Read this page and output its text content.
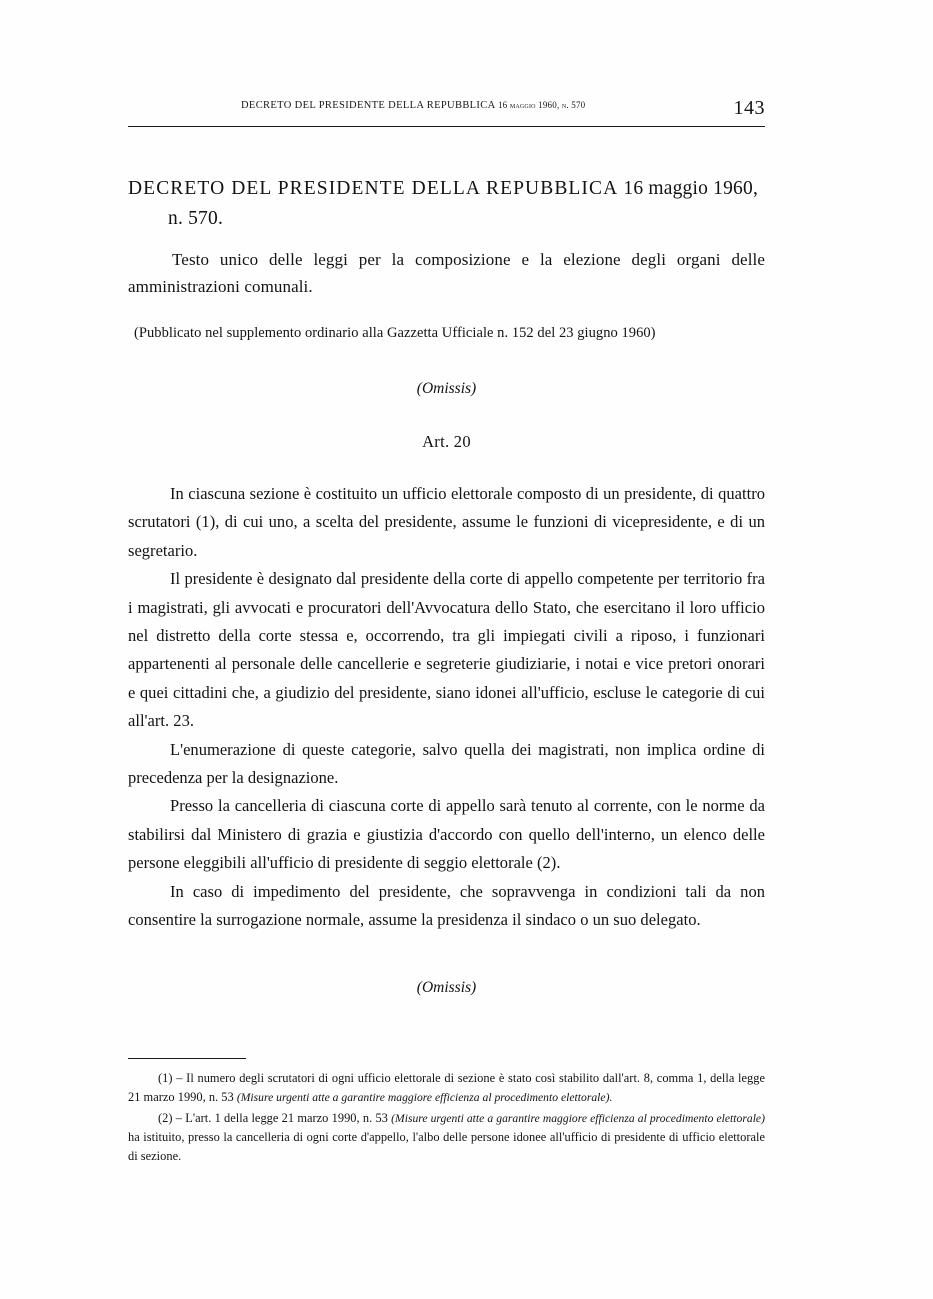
DECRETO DEL PRESIDENTE DELLA REPUBBLICA 16 maggio 1960, n. 570	143
DECRETO DEL PRESIDENTE DELLA REPUBBLICA 16 maggio 1960,
n. 570.
Testo unico delle leggi per la composizione e la elezione degli organi delle amministrazioni comunali.
(Pubblicato nel supplemento ordinario alla Gazzetta Ufficiale n. 152 del 23 giugno 1960)
(Omissis)
Art. 20

In ciascuna sezione è costituito un ufficio elettorale composto di un presidente, di quattro scrutatori (1), di cui uno, a scelta del presidente, assume le funzioni di vicepresidente, e di un segretario.

Il presidente è designato dal presidente della corte di appello competente per territorio fra i magistrati, gli avvocati e procuratori dell'Avvocatura dello Stato, che esercitano il loro ufficio nel distretto della corte stessa e, occorrendo, tra gli impiegati civili a riposo, i funzionari appartenenti al personale delle cancellerie e segreterie giudiziarie, i notai e vice pretori onorari e quei cittadini che, a giudizio del presidente, siano idonei all'ufficio, escluse le categorie di cui all'art. 23.

L'enumerazione di queste categorie, salvo quella dei magistrati, non implica ordine di precedenza per la designazione.

Presso la cancelleria di ciascuna corte di appello sarà tenuto al corrente, con le norme da stabilirsi dal Ministero di grazia e giustizia d'accordo con quello dell'interno, un elenco delle persone eleggibili all'ufficio di presidente di seggio elettorale (2).

In caso di impedimento del presidente, che sopravvenga in condizioni tali da non consentire la surrogazione normale, assume la presidenza il sindaco o un suo delegato.

(Omissis)

(1) – Il numero degli scrutatori di ogni ufficio elettorale di sezione è stato così stabilito dall'art. 8, comma 1, della legge 21 marzo 1990, n. 53 (Misure urgenti atte a garantire maggiore efficienza al procedimento elettorale).

(2) – L'art. 1 della legge 21 marzo 1990, n. 53 (Misure urgenti atte a garantire maggiore efficienza al procedimento elettorale) ha istituito, presso la cancelleria di ogni corte d'appello, l'albo delle persone idonee all'ufficio di presidente di ufficio elettorale di sezione.
